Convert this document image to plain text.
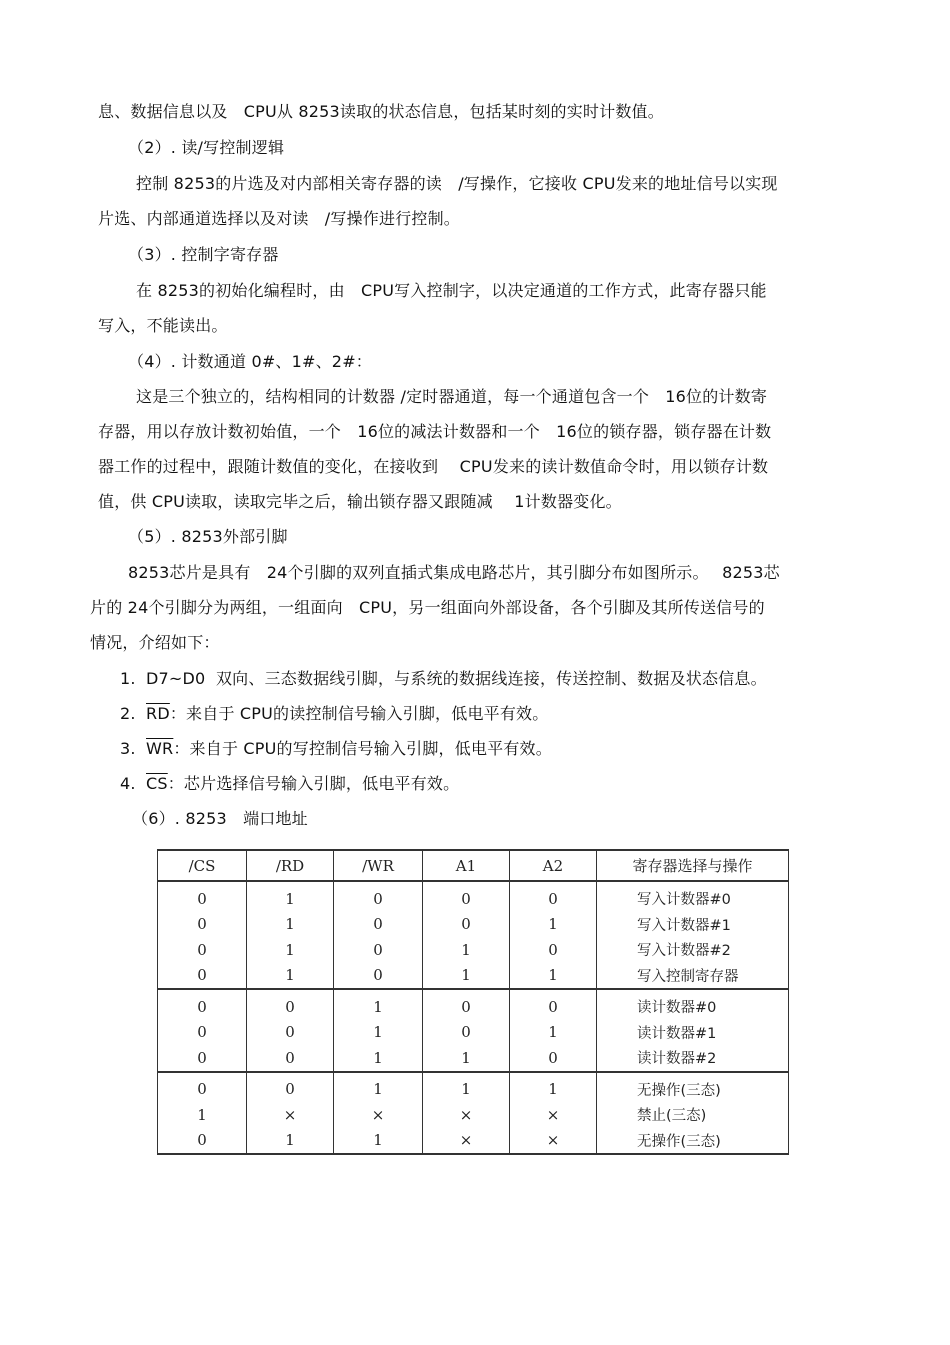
息、数据信息以及　CPU从 8253读取的状态信息，包括某时刻的实时计数值。
（2）. 读/写控制逻辑
控制 8253的片选及对内部相关寄存器的读　/写操作，它接收 CPU发来的地址信号以实现
片选、内部通道选择以及对读　/写操作进行控制。
（3）. 控制字寄存器
在 8253的初始化编程时，由　CPU写入控制字，以决定通道的工作方式，此寄存器只能
写入，不能读出。
（4）. 计数通道 0#、1#、2#：
这是三个独立的，结构相同的计数器 /定时器通道，每一个通道包含一个　16位的计数寄
存器，用以存放计数初始值，一个　16位的减法计数器和一个　16位的锁存器，锁存器在计数
器工作的过程中，跟随计数值的变化，在接收到　 CPU发来的读计数值命令时，用以锁存计数
值，供 CPU读取，读取完毕之后，输出锁存器又跟随减　 1计数器变化。
（5）. 8253外部引脚
8253芯片是具有　24个引脚的双列直插式集成电路芯片，其引脚分布如图所示。　 8253芯
片的 24个引脚分为两组，一组面向　CPU，另一组面向外部设备，各个引脚及其所传送信号的
情况，介绍如下：
1. D7~D0 双向、三态数据线引脚，与系统的数据线连接，传送控制、数据及状态信息。
2. $\overline{RD}$：来自于 CPU的读控制信号输入引脚，低电平有效。
3. $\overline{WR}$：来自于 CPU的写控制信号输入引脚，低电平有效。
4. $\overline{CS}$：芯片选择信号输入引脚，低电平有效。
（6）. 8253　端口地址
/CS	/RD	/WR	A1	A2	寄存器选择与操作
0	1	0	0	0	写入计数器#0
0	1	0	0	1	写入计数器#1
0	1	0	1	0	写入计数器#2
0	1	0	1	1	写入控制寄存器
0	0	1	0	0	读计数器#0
0	0	1	0	1	读计数器#1
0	0	1	1	0	读计数器#2
0	0	1	1	1	无操作(三态)
1	×	×	×	×	禁止(三态)
0	1	1	×	×	无操作(三态)
